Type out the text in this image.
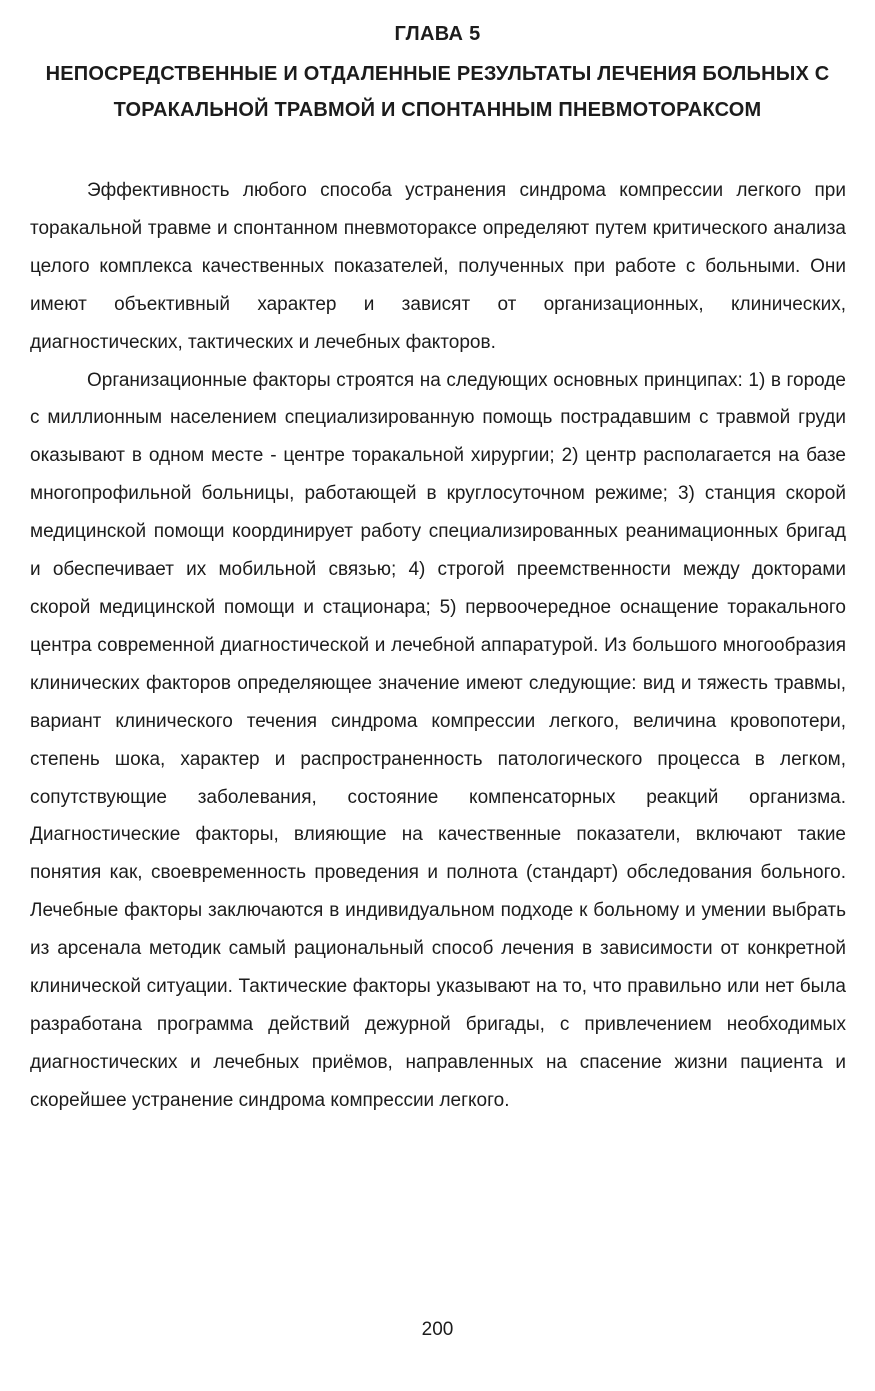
ГЛАВА 5
НЕПОСРЕДСТВЕННЫЕ И ОТДАЛЕННЫЕ РЕЗУЛЬТАТЫ ЛЕЧЕНИЯ БОЛЬНЫХ С ТОРАКАЛЬНОЙ ТРАВМОЙ И СПОНТАННЫМ ПНЕВМОТОРАКСОМ

Эффективность любого способа устранения синдрома компрессии легкого при торакальной травме и спонтанном пневмотораксе определяют путем критического анализа целого комплекса качественных показателей, полученных при работе с больными. Они имеют объективный характер и зависят от организационных, клинических, диагностических, тактических и лечебных факторов.

Организационные факторы строятся на следующих основных принципах: 1) в городе с миллионным населением специализированную помощь пострадавшим с травмой груди оказывают в одном месте - центре торакальной хирургии; 2) центр располагается на базе многопрофильной больницы, работающей в круглосуточном режиме; 3) станция скорой медицинской помощи координирует работу специализированных реанимационных бригад и обеспечивает их мобильной связью; 4) строгой преемственности между докторами скорой медицинской помощи и стационара; 5) первоочередное оснащение торакального центра современной диагностической и лечебной аппаратурой. Из большого многообразия клинических факторов определяющее значение имеют следующие: вид и тяжесть травмы, вариант клинического течения синдрома компрессии легкого, величина кровопотери, степень шока, характер и распространенность патологического процесса в легком, сопутствующие заболевания, состояние компенсаторных реакций организма. Диагностические факторы, влияющие на качественные показатели, включают такие понятия как, своевременность проведения и полнота (стандарт) обследования больного. Лечебные факторы заключаются в индивидуальном подходе к больному и умении выбрать из арсенала методик самый рациональный способ лечения в зависимости от конкретной клинической ситуации. Тактические факторы указывают на то, что правильно или нет была разработана программа действий дежурной бригады, с привлечением необходимых диагностических и лечебных приёмов, направленных на спасение жизни пациента и скорейшее устранение синдрома компрессии легкого.

200
